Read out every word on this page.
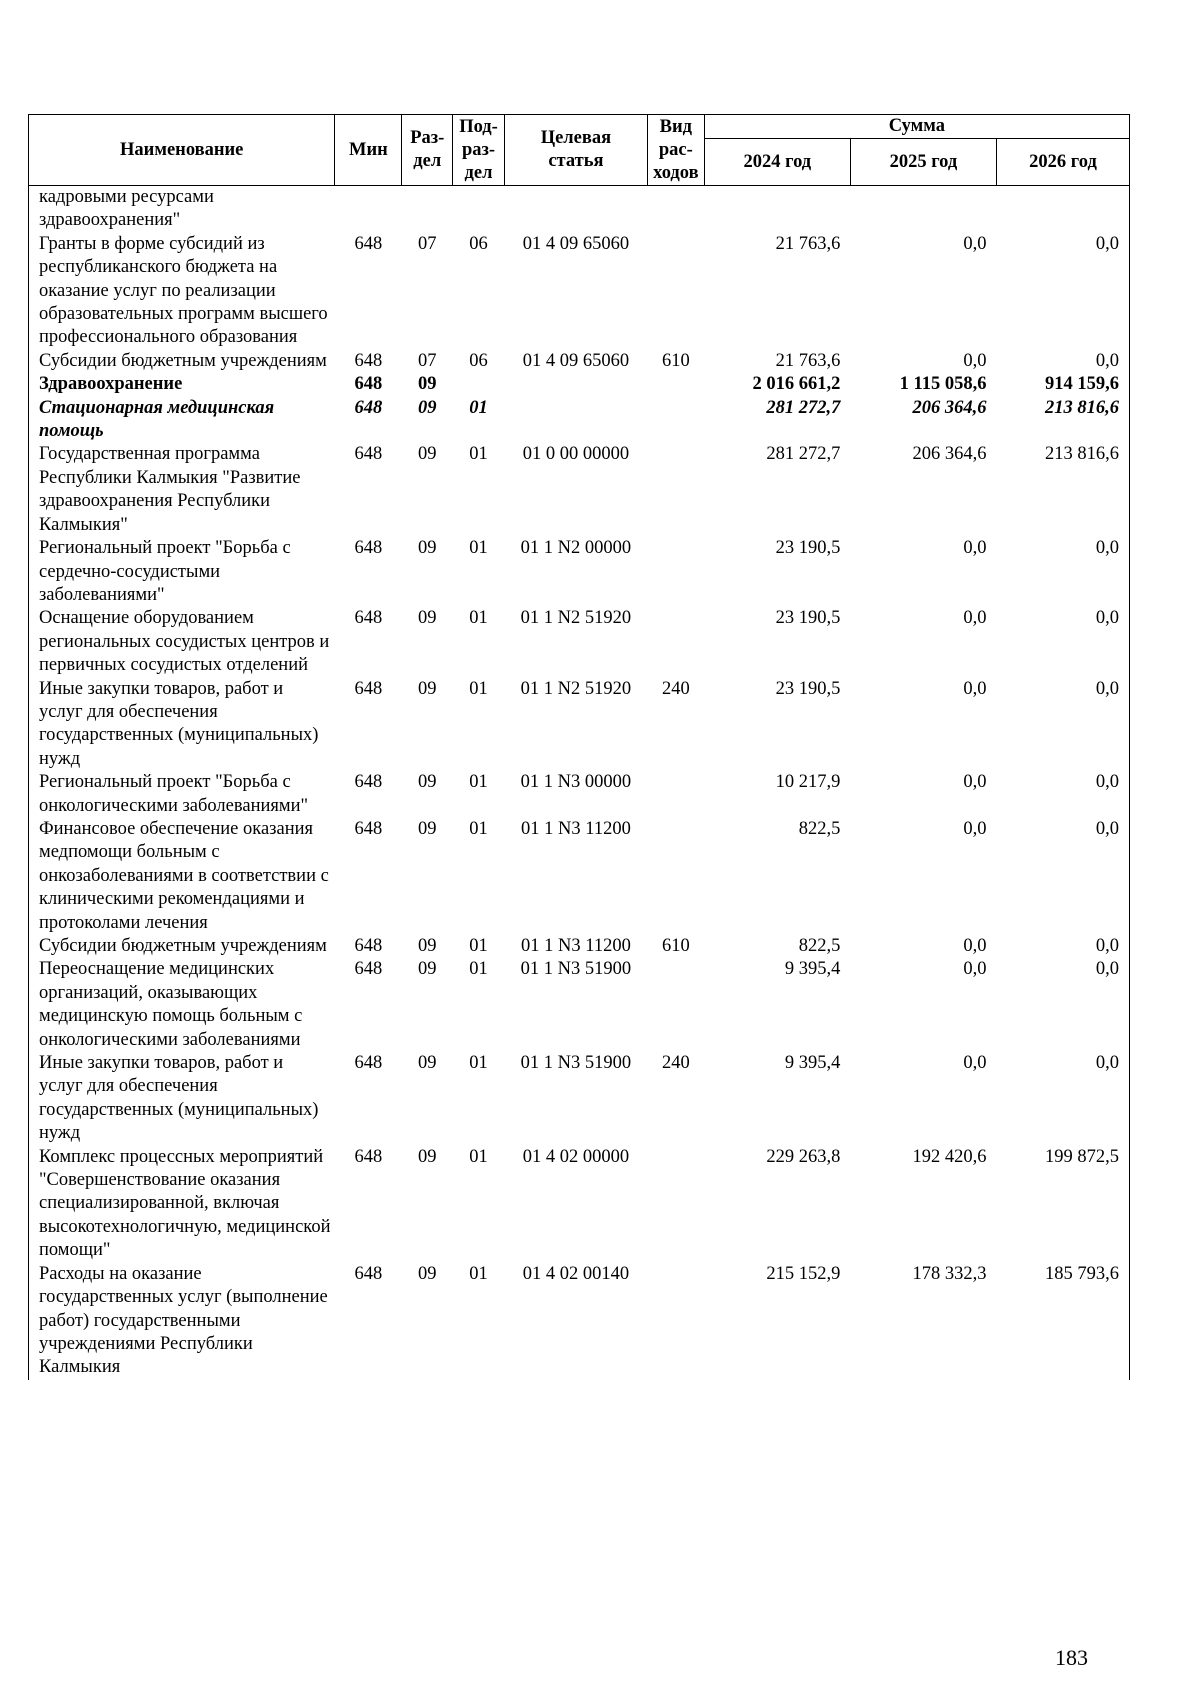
Наименование	Мин	Раз-
дел	Под-
раз-
дел	Целевая
статья	Вид
рас-
ходов	Сумма		
						2024 год	2025 год	2026 год
кадровыми ресурсами здравоохранения"								
Гранты в форме субсидий из республиканского бюджета на оказание услуг по реализации образовательных программ высшего профессионального образования	648	07	06	01 4 09 65060		21 763,6	0,0	0,0
Субсидии бюджетным учреждениям	648	07	06	01 4 09 65060	610	21 763,6	0,0	0,0
Здравоохранение	648	09				2 016 661,2	1 115 058,6	914 159,6
Стационарная медицинская помощь	648	09	01			281 272,7	206 364,6	213 816,6
Государственная программа Республики Калмыкия "Развитие здравоохранения Республики Калмыкия"	648	09	01	01 0 00 00000		281 272,7	206 364,6	213 816,6
Региональный проект "Борьба с сердечно-сосудистыми заболеваниями"	648	09	01	01 1 N2 00000		23 190,5	0,0	0,0
Оснащение оборудованием региональных сосудистых центров и первичных сосудистых отделений	648	09	01	01 1 N2 51920		23 190,5	0,0	0,0
Иные закупки товаров, работ и услуг для обеспечения государственных (муниципальных) нужд	648	09	01	01 1 N2 51920	240	23 190,5	0,0	0,0
Региональный проект "Борьба с онкологическими заболеваниями"	648	09	01	01 1 N3 00000		10 217,9	0,0	0,0
Финансовое обеспечение оказания медпомощи больным с онкозаболеваниями в соответствии с клиническими рекомендациями и протоколами лечения	648	09	01	01 1 N3 11200		822,5	0,0	0,0
Субсидии бюджетным учреждениям	648	09	01	01 1 N3 11200	610	822,5	0,0	0,0
Переоснащение медицинских организаций, оказывающих медицинскую помощь больным с онкологическими заболеваниями	648	09	01	01 1 N3 51900		9 395,4	0,0	0,0
Иные закупки товаров, работ и услуг для обеспечения государственных (муниципальных) нужд	648	09	01	01 1 N3 51900	240	9 395,4	0,0	0,0
Комплекс процессных мероприятий "Совершенствование оказания специализированной, включая высокотехнологичную, медицинской помощи"	648	09	01	01 4 02 00000		229 263,8	192 420,6	199 872,5
Расходы на оказание государственных услуг (выполнение работ) государственными учреждениями Республики Калмыкия	648	09	01	01 4 02 00140		215 152,9	178 332,3	185 793,6
183
